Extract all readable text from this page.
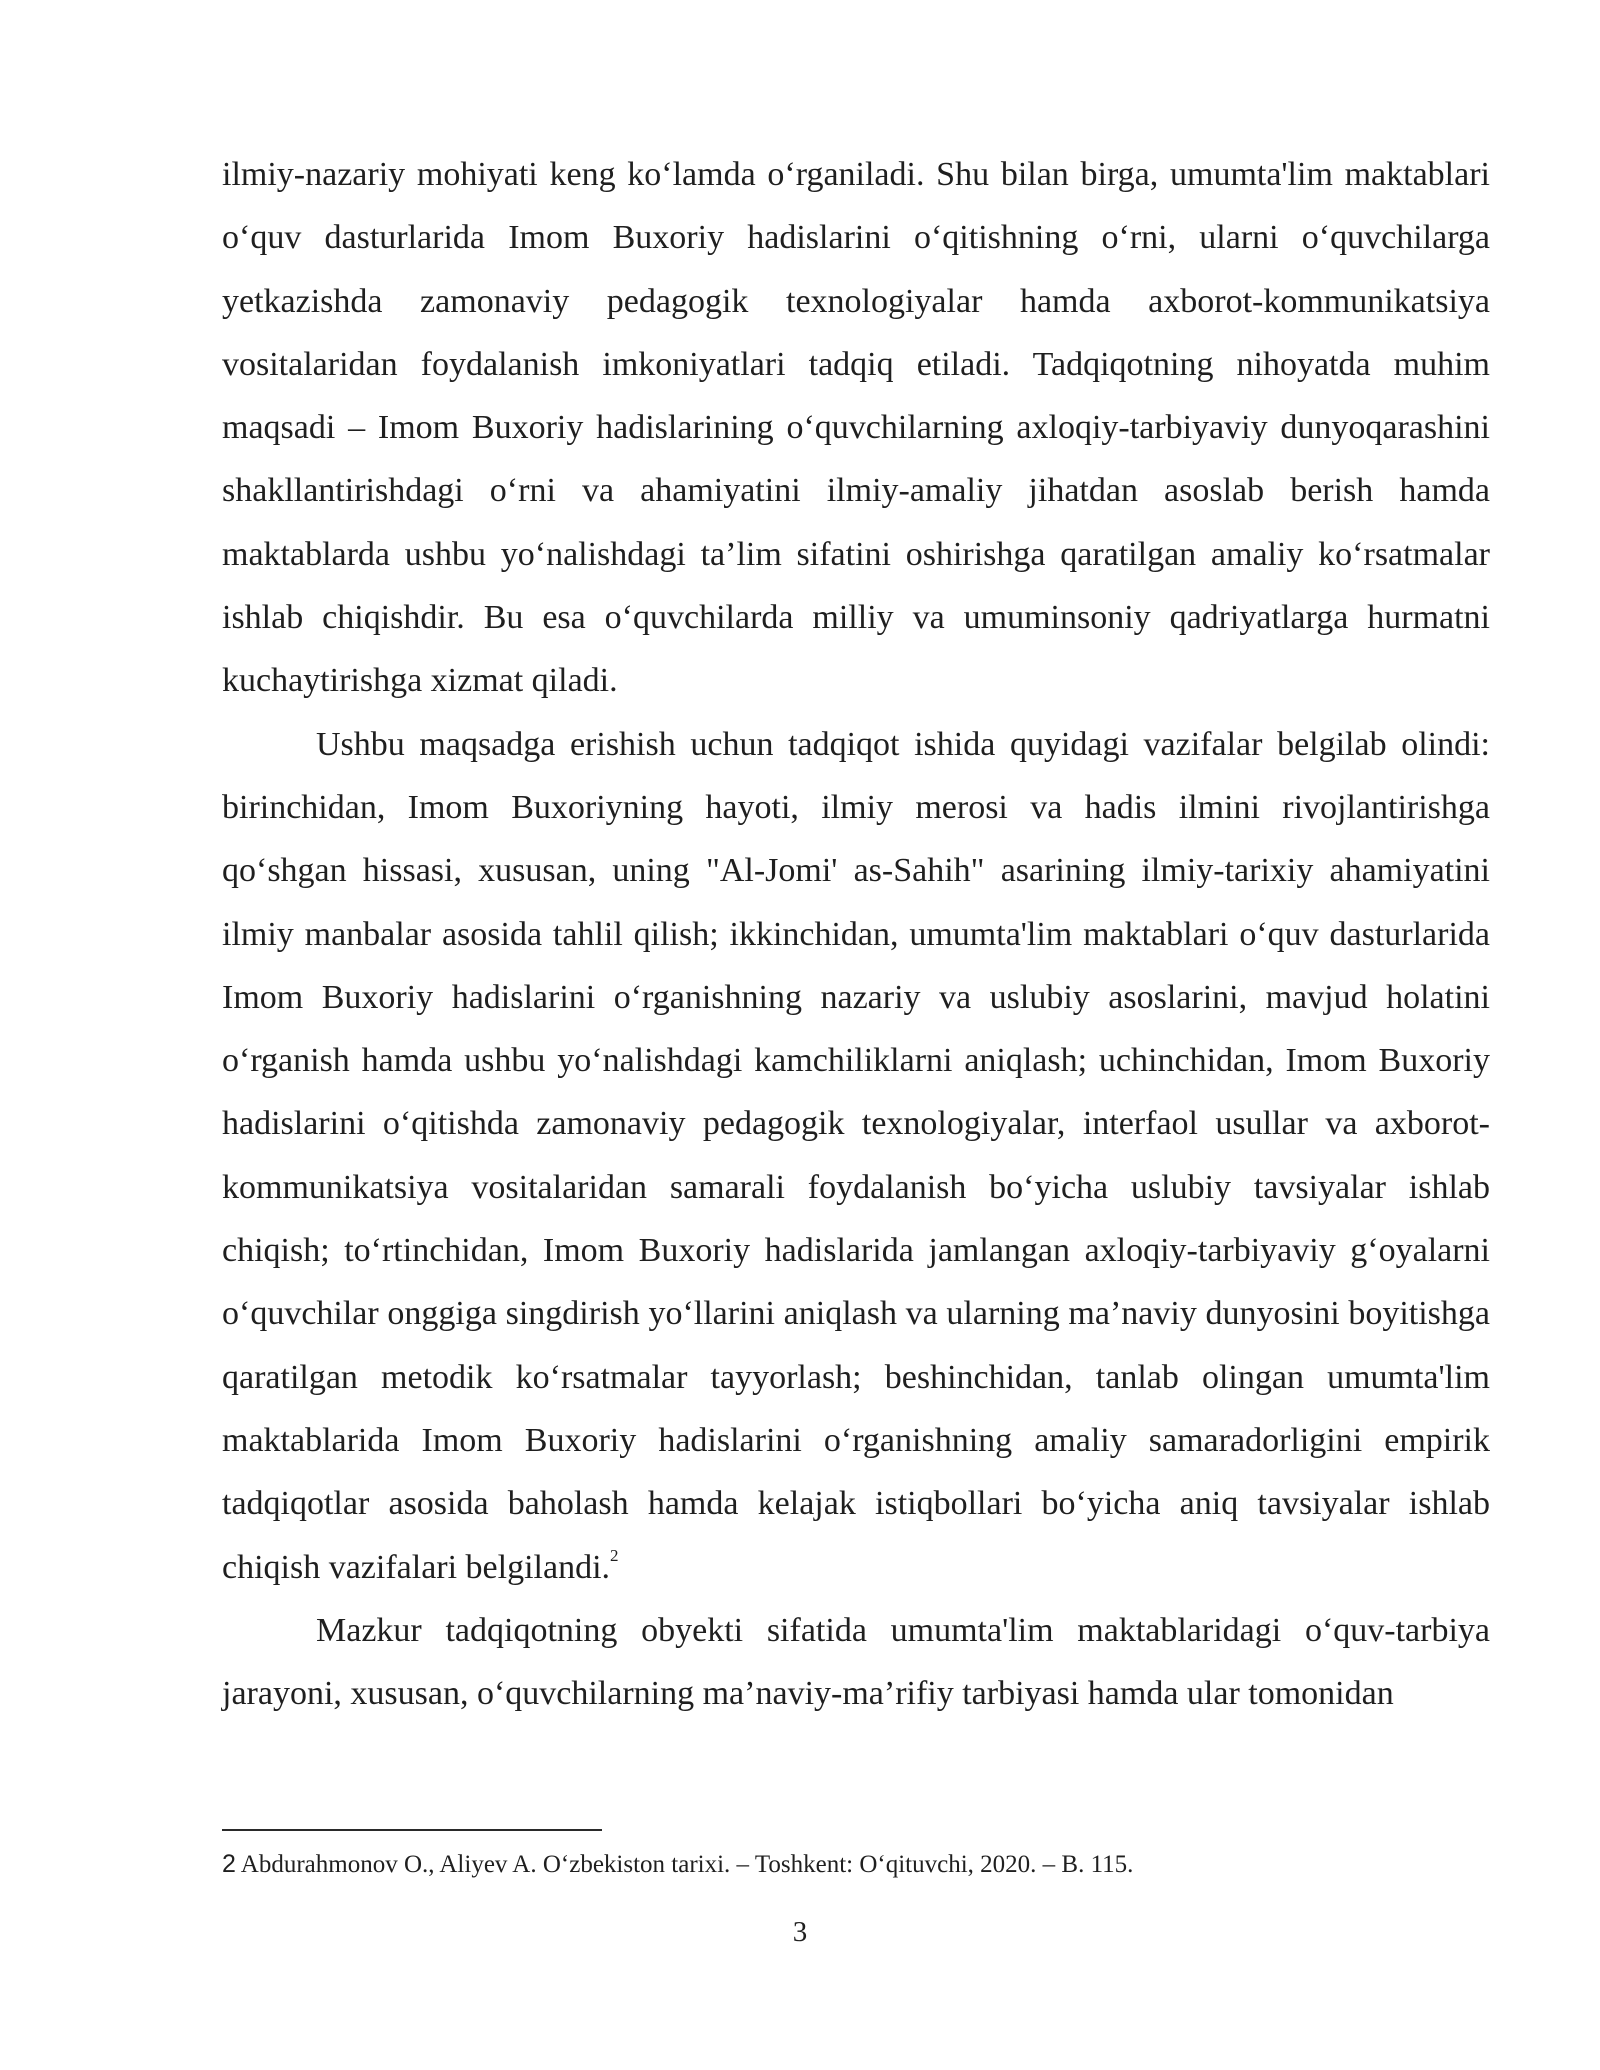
ilmiy-nazariy mohiyati keng ko‘lamda o‘rganiladi. Shu bilan birga, umumta'lim maktablari o‘quv dasturlarida Imom Buxoriy hadislarini o‘qitishning o‘rni, ularni o‘quvchilarga yetkazishda zamonaviy pedagogik texnologiyalar hamda axborot-kommunikatsiya vositalaridan foydalanish imkoniyatlari tadqiq etiladi. Tadqiqotning nihoyatda muhim maqsadi – Imom Buxoriy hadislarining o‘quvchilarning axloqiy-tarbiyaviy dunyoqarashini shakllantirishdagi o‘rni va ahamiyatini ilmiy-amaliy jihatdan asoslab berish hamda maktablarda ushbu yo‘nalishdagi ta’lim sifatini oshirishga qaratilgan amaliy ko‘rsatmalar ishlab chiqishdir. Bu esa o‘quvchilarda milliy va umuminsoniy qadriyatlarga hurmatni kuchaytirishga xizmat qiladi.

Ushbu maqsadga erishish uchun tadqiqot ishida quyidagi vazifalar belgilab olindi: birinchidan, Imom Buxoriyning hayoti, ilmiy merosi va hadis ilmini rivojlantirishga qo‘shgan hissasi, xususan, uning "Al-Jomi' as-Sahih" asarining ilmiy-tarixiy ahamiyatini ilmiy manbalar asosida tahlil qilish; ikkinchidan, umumta'lim maktablari o‘quv dasturlarida Imom Buxoriy hadislarini o‘rganishning nazariy va uslubiy asoslarini, mavjud holatini o‘rganish hamda ushbu yo‘nalishdagi kamchiliklarni aniqlash; uchinchidan, Imom Buxoriy hadislarini o‘qitishda zamonaviy pedagogik texnologiyalar, interfaol usullar va axborot-kommunikatsiya vositalaridan samarali foydalanish bo‘yicha uslubiy tavsiyalar ishlab chiqish; to‘rtinchidan, Imom Buxoriy hadislarida jamlangan axloqiy-tarbiyaviy g‘oyalarni o‘quvchilar onggiga singdirish yo‘llarini aniqlash va ularning ma’naviy dunyosini boyitishga qaratilgan metodik ko‘rsatmalar tayyorlash; beshinchidan, tanlab olingan umumta'lim maktablarida Imom Buxoriy hadislarini o‘rganishning amaliy samaradorligini empirik tadqiqotlar asosida baholash hamda kelajak istiqbollari bo‘yicha aniq tavsiyalar ishlab chiqish vazifalari belgilandi.$^2$

Mazkur tadqiqotning obyekti sifatida umumta'lim maktablaridagi o‘quv-tarbiya jarayoni, xususan, o‘quvchilarning ma’naviy-ma’rifiy tarbiyasi hamda ular tomonidan

2 Abdurahmonov O., Aliyev A. O‘zbekiston tarixi. – Toshkent: O‘qituvchi, 2020. – B. 115.
3
